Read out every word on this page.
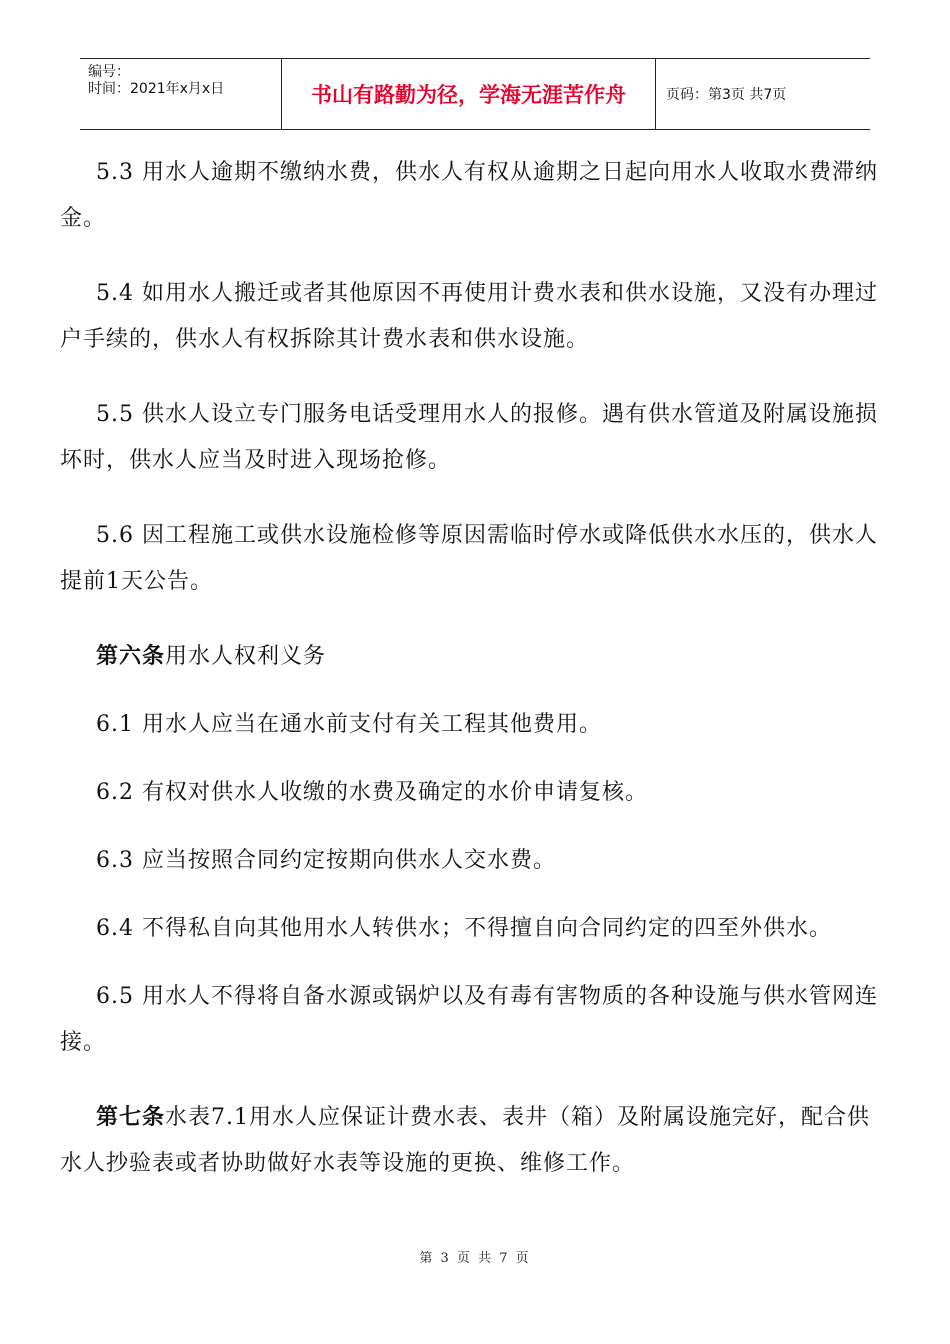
编号：
时间：2021年x月x日	书山有路勤为径，学海无涯苦作舟	页码：第3页 共7页

5.3 用水人逾期不缴纳水费，供水人有权从逾期之日起向用水人收取水费滞纳金。

5.4 如用水人搬迁或者其他原因不再使用计费水表和供水设施，又没有办理过户手续的，供水人有权拆除其计费水表和供水设施。

5.5 供水人设立专门服务电话受理用水人的报修。遇有供水管道及附属设施损坏时，供水人应当及时进入现场抢修。

5.6 因工程施工或供水设施检修等原因需临时停水或降低供水水压的，供水人提前1天公告。

第六条用水人权利义务

6.1 用水人应当在通水前支付有关工程其他费用。

6.2 有权对供水人收缴的水费及确定的水价申请复核。

6.3 应当按照合同约定按期向供水人交水费。

6.4 不得私自向其他用水人转供水；不得擅自向合同约定的四至外供水。

6.5 用水人不得将自备水源或锅炉以及有毒有害物质的各种设施与供水管网连接。

第七条水表7.1用水人应保证计费水表、表井（箱）及附属设施完好，配合供水人抄验表或者协助做好水表等设施的更换、维修工作。

第 3 页 共 7 页
